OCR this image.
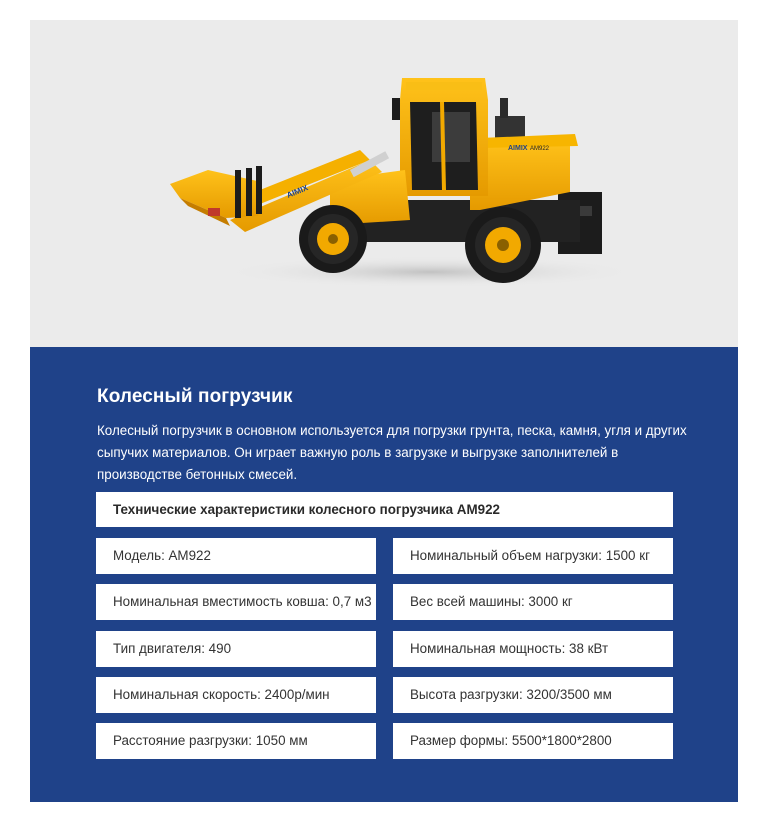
AIMIX AM922
AIMIX
Колесный погрузчик
Колесный погрузчик в основном используется для погрузки грунта, песка, камня, угля и других сыпучих материалов. Он играет важную роль в загрузке и выгрузке заполнителей в производстве бетонных смесей.
Технические характеристики колесного погрузчика AM922
Модель: AM922	Номинальный объем нагрузки: 1500 кг
Номинальная вместимость ковша: 0,7 м3	Вес всей машины: 3000 кг
Тип двигателя: 490	Номинальная мощность: 38 кВт
Номинальная скорость: 2400р/мин	Высота разгрузки: 3200/3500 мм
Расстояние разгрузки: 1050 мм	Размер формы: 5500*1800*2800
